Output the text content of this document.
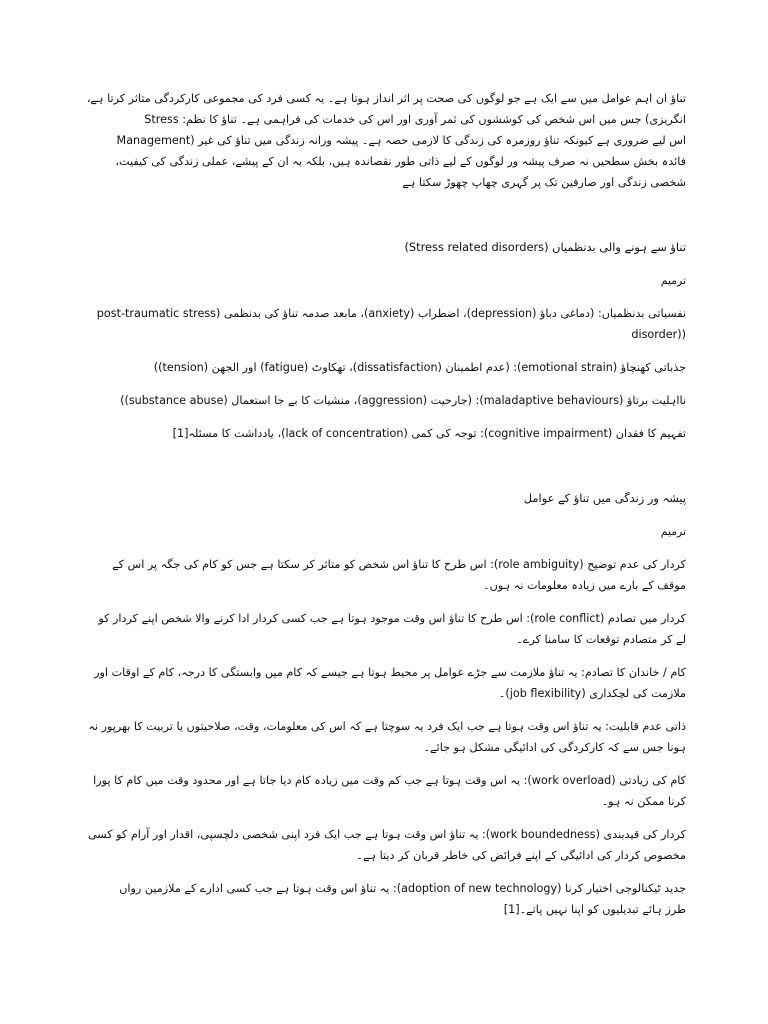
تناؤ ان اہم عوامل میں سے ایک ہے جو لوگوں کی صحت پر اثر انداز ہوتا ہے۔ یہ کسی فرد کی مجموعی کارکردگی متاثر کرتا ہے،
Stress :انگریزی) جس میں اس شخص کی کوششوں کی ثمر آوری اور اس کی خدمات کی فراہمی ہے۔ تناؤ کا نظم
اس لیے ضروری ہے کیونکہ تناؤ روزمرہ کی زندگی کا لازمی حصہ ہے۔ پیشہ ورانہ زندگی میں تناؤ کی غیر (Management
فائدہ بخش سطحیں نہ صرف پیشہ ور لوگوں کے لیے ذاتی طور نقصاندہ ہیں، بلکہ یہ ان کے پیشے، عملی زندگی کی کیفیت،
شخصی زندگی اور صارفین تک پر گہری چھاپ چھوڑ سکتا ہے
تناؤ سے ہونے والی بدنظمیاں (Stress related disorders)
ترمیم
نفسیاتی بدنظمیاں: (دماغی دباؤ (depression)، اضطراب (anxiety)، مابعد صدمہ تناؤ کی بدنظمی (post-traumatic stress
disorder))
جذباتی کھنچاؤ (emotional strain): (عدم اطمینان (dissatisfaction)، تھکاوٹ (fatigue) اور الجھن (tension))
نااہلیت برتاؤ (maladaptive behaviours): (جارحیت (aggression)، منشیات کا بے جا استعمال (substance abuse))
تفہیم کا فقدان (cognitive impairment): توجہ کی کمی (lack of concentration)، یادداشت کا مسئلہ[1]
پیشہ ور زندگی میں تناؤ کے عوامل
ترمیم
کردار کی عدم توضیح (role ambiguity): اس طرح کا تناؤ اس شخص کو متاثر کر سکتا ہے جس کو کام کی جگہ پر اس کے
موقف کے بارے میں زیادہ معلومات نہ ہوں۔
کردار میں تصادم (role conflict): اس طرح کا تناؤ اس وقت موجود ہوتا ہے جب کسی کردار ادا کرنے والا شخص اپنے کردار کو
لے کر متصادم توقعات کا سامنا کرے۔
کام / خاندان کا تصادم: یہ تناؤ ملازمت سے جڑے عوامل پر محیط ہوتا ہے جیسے کہ کام میں وابستگی کا درجہ، کام کے اوقات اور
ملازمت کی لچکداری (job flexibility)۔
ذاتی عدم قابلیت: یہ تناؤ اس وقت ہوتا ہے جب ایک فرد یہ سوچتا ہے کہ اس کی معلومات، وقت، صلاحیتوں یا تربیت کا بھرپور نہ
ہونا جس سے کہ کارکردگی کی ادائیگی مشکل ہو جائے۔
کام کی زیادتی (work overload): یہ اس وقت ہوتا ہے جب کم وقت میں زیادہ کام دیا جاتا ہے اور محدود وقت میں کام کا پورا
کرنا ممکن نہ ہو۔
کردار کی قیدبندی (work boundedness): یہ تناؤ اس وقت ہوتا ہے جب ایک فرد اپنی شخصی دلچسپی، اقدار اور آرام کو کسی
مخصوص کردار کی ادائیگی کے اپنے فرائض کی خاطر قربان کر دیتا ہے۔
جدید ٹیکنالوجی اختیار کرنا (adoption of new technology): یہ تناؤ اس وقت ہوتا ہے جب کسی ادارے کے ملازمین رواں
طرز ہائے تبدیلیوں کو اپنا نہیں پاتے۔[1]
